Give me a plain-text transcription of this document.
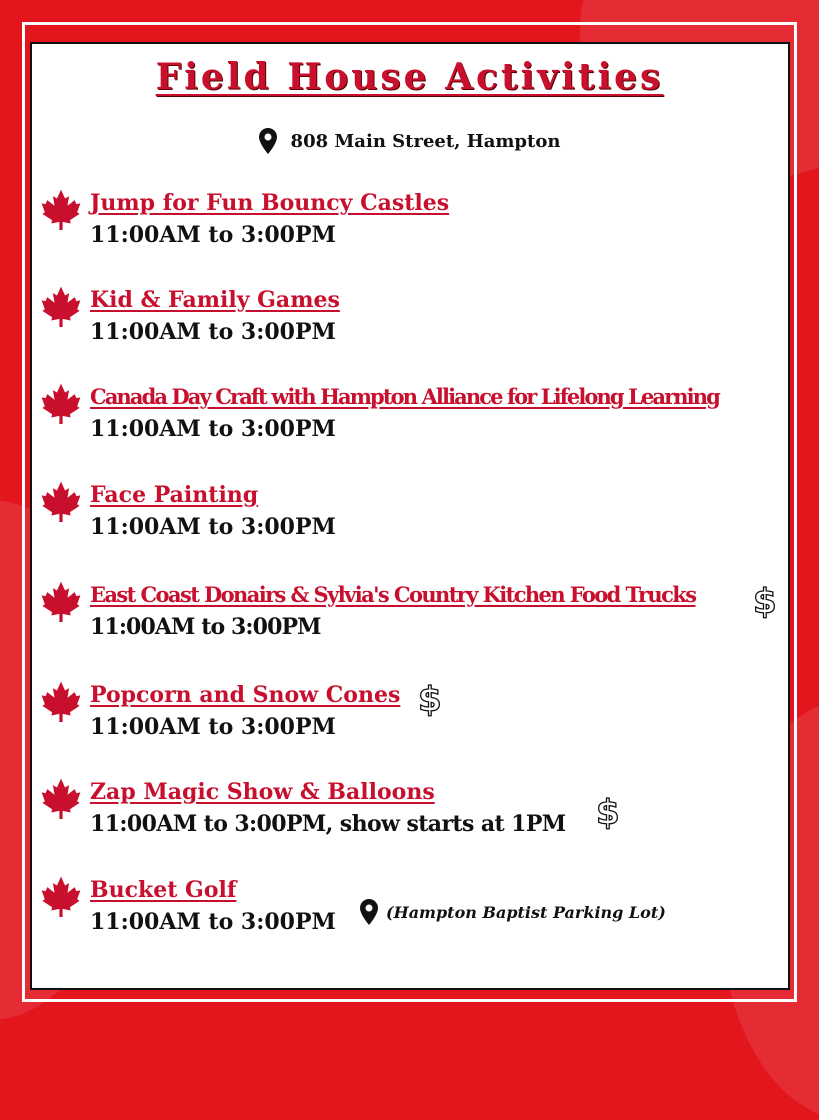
Field House Activities
808 Main Street, Hampton
Jump for Fun Bouncy Castles
11:00AM to 3:00PM
Kid & Family Games
11:00AM to 3:00PM
Canada Day Craft with Hampton Alliance for Lifelong Learning
11:00AM to 3:00PM
Face Painting
11:00AM to 3:00PM
East Coast Donairs & Sylvia's Country Kitchen Food Trucks
11:00AM to 3:00PM
$
Popcorn and Snow Cones
11:00AM to 3:00PM
$
Zap Magic Show & Balloons
11:00AM to 3:00PM, show starts at 1PM $
Bucket Golf
11:00AM to 3:00PM	(Hampton Baptist Parking Lot)
